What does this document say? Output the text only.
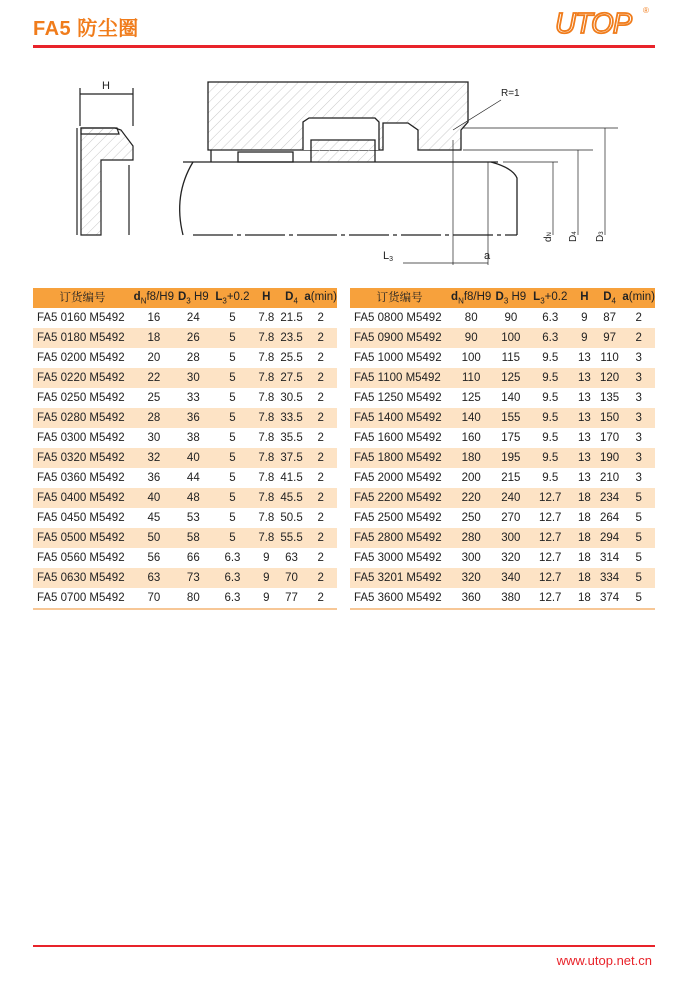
FA5 防尘圈	UTOP ®
H
R=1
L3	a
dN
D4
D3
订货编号	$d_Nf8/H9$	$D_3$ H9	$L_3+0.2$	H	$D_4$	a(min)
FA5 0160 M5492	16	24	5	7.8	21.5	2
FA5 0180 M5492	18	26	5	7.8	23.5	2
FA5 0200 M5492	20	28	5	7.8	25.5	2
FA5 0220 M5492	22	30	5	7.8	27.5	2
FA5 0250 M5492	25	33	5	7.8	30.5	2
FA5 0280 M5492	28	36	5	7.8	33.5	2
FA5 0300 M5492	30	38	5	7.8	35.5	2
FA5 0320 M5492	32	40	5	7.8	37.5	2
FA5 0360 M5492	36	44	5	7.8	41.5	2
FA5 0400 M5492	40	48	5	7.8	45.5	2
FA5 0450 M5492	45	53	5	7.8	50.5	2
FA5 0500 M5492	50	58	5	7.8	55.5	2
FA5 0560 M5492	56	66	6.3	9	63	2
FA5 0630 M5492	63	73	6.3	9	70	2
FA5 0700 M5492	70	80	6.3	9	77	2
订货编号	$d_Nf8/H9$	$D_3$ H9	$L_3+0.2$	H	$D_4$	a(min)
FA5 0800 M5492	80	90	6.3	9	87	2
FA5 0900 M5492	90	100	6.3	9	97	2
FA5 1000 M5492	100	115	9.5	13	110	3
FA5 1100 M5492	110	125	9.5	13	120	3
FA5 1250 M5492	125	140	9.5	13	135	3
FA5 1400 M5492	140	155	9.5	13	150	3
FA5 1600 M5492	160	175	9.5	13	170	3
FA5 1800 M5492	180	195	9.5	13	190	3
FA5 2000 M5492	200	215	9.5	13	210	3
FA5 2200 M5492	220	240	12.7	18	234	5
FA5 2500 M5492	250	270	12.7	18	264	5
FA5 2800 M5492	280	300	12.7	18	294	5
FA5 3000 M5492	300	320	12.7	18	314	5
FA5 3201 M5492	320	340	12.7	18	334	5
FA5 3600 M5492	360	380	12.7	18	374	5
www.utop.net.cn
